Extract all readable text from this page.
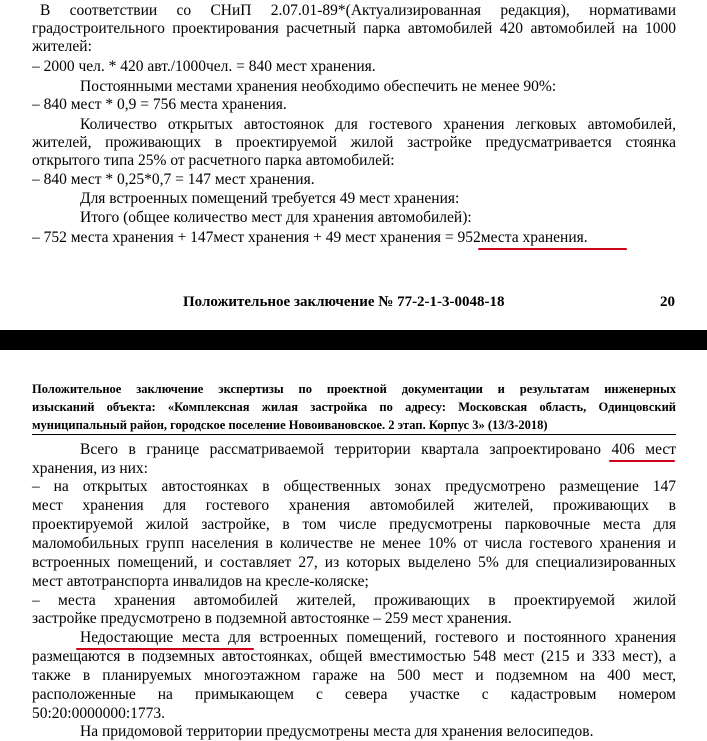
В соответствии со СНиП 2.07.01-89*(Актуализированная редакция), нормативами
градостроительного проектирования расчетный парка автомобилей 420 автомобилей на 1000
жителей:
– 2000 чел. * 420 авт./1000чел. = 840 мест хранения.
Постоянными местами хранения необходимо обеспечить не менее 90%:
– 840 мест * 0,9 = 756 места хранения.
Количество открытых автостоянок для гостевого хранения легковых автомобилей,
жителей, проживающих в проектируемой жилой застройке предусматривается стоянка
открытого типа 25% от расчетного парка автомобилей:
– 840 мест * 0,25*0,7 = 147 мест хранения.
Для встроенных помещений требуется 49 мест хранения:
Итого (общее количество мест для хранения автомобилей):
– 752 места хранения + 147мест хранения + 49 мест хранения = 952места хранения.
Положительное заключение № 77-2-1-3-0048-18	20
Положительное заключение экспертизы по проектной документации и результатам инженерных
изысканий объекта: «Комплексная жилая застройка по адресу: Московская область, Одинцовский
муниципальный район, городское поселение Новоивановское. 2 этап. Корпус 3» (13/3-2018)
Всего в границе рассматриваемой территории квартала запроектировано 406 мест
хранения, из них:
– на открытых автостоянках в общественных зонах предусмотрено размещение 147
мест хранения для гостевого хранения автомобилей жителей, проживающих в
проектируемой жилой застройке, в том числе предусмотрены парковочные места для
маломобильных групп населения в количестве не менее 10% от числа гостевого хранения и
встроенных помещений, и составляет 27, из которых выделено 5% для специализированных
мест автотранспорта инвалидов на кресле-коляске;
– места хранения автомобилей жителей, проживающих в проектируемой жилой
застройке предусмотрено в подземной автостоянке – 259 мест хранения.
Недостающие места для встроенных помещений, гостевого и постоянного хранения
размещаются в подземных автостоянках, общей вместимостью 548 мест (215 и 333 мест), а
также в планируемых многоэтажном гараже на 500 мест и подземном на 400 мест,
расположенные на примыкающем с севера участке с кадастровым номером
50:20:0000000:1773.
На придомовой территории предусмотрены места для хранения велосипедов.
